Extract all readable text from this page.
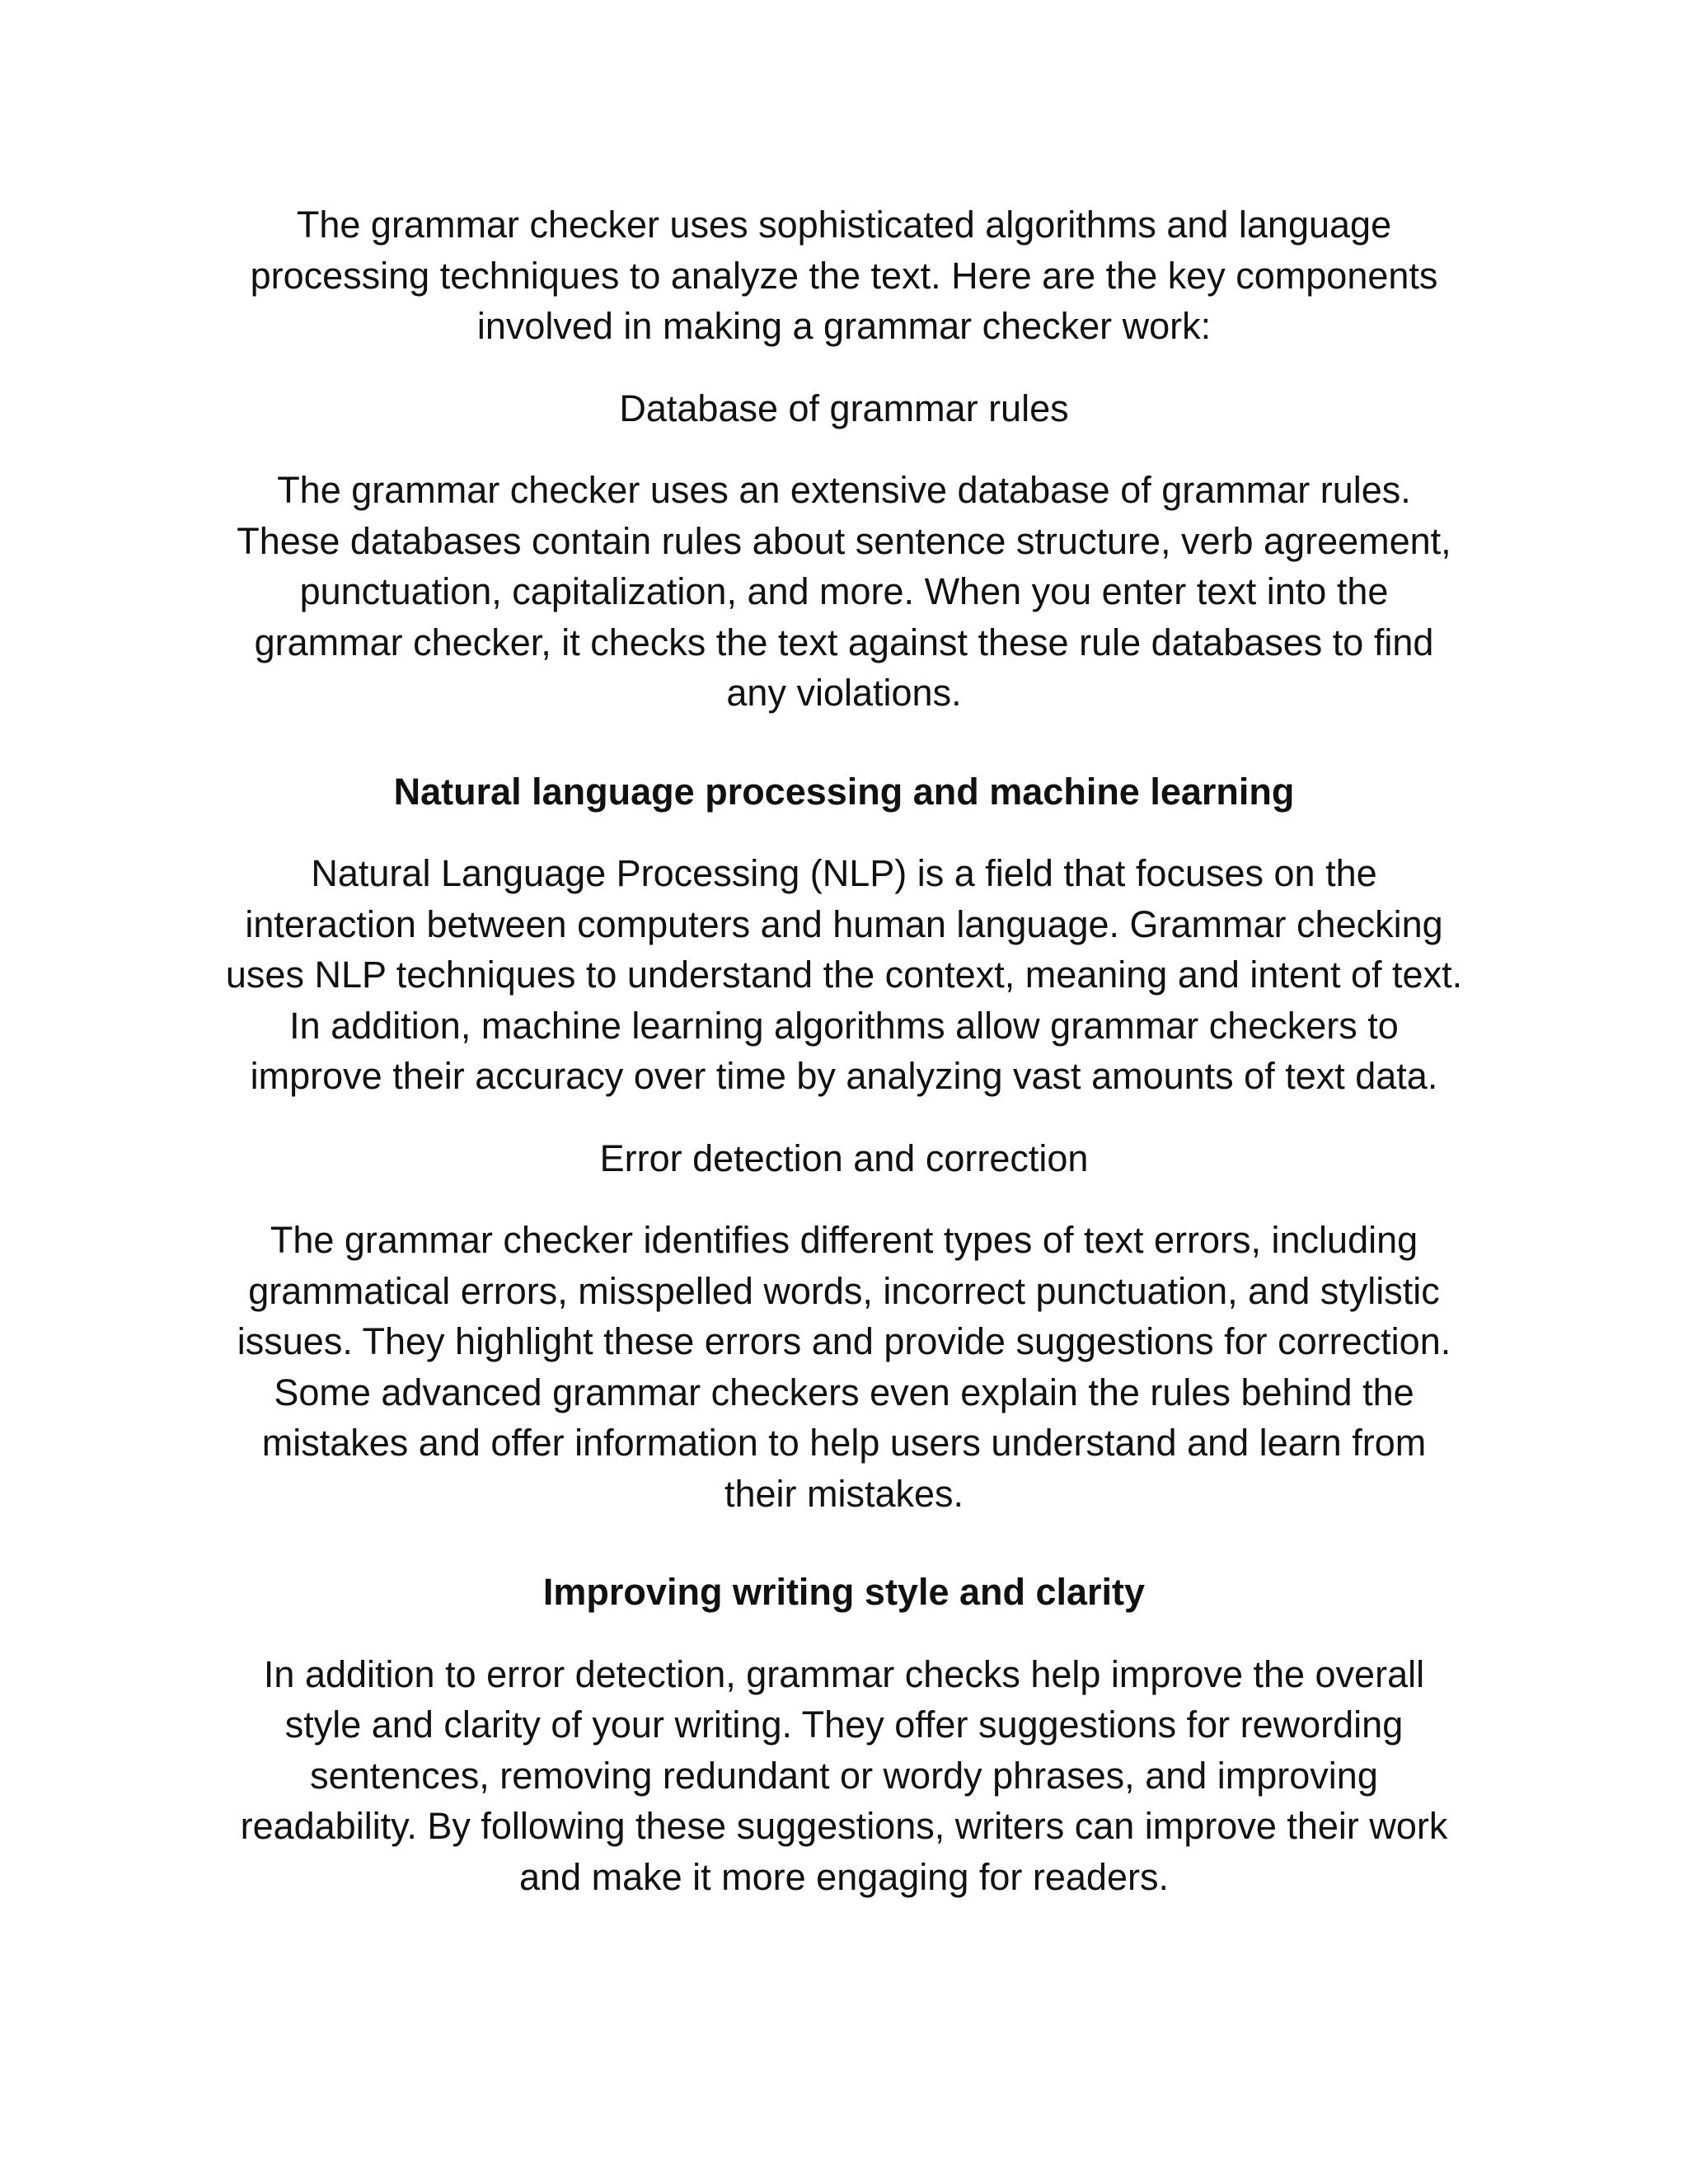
The grammar checker uses sophisticated algorithms and language
processing techniques to analyze the text. Here are the key components
involved in making a grammar checker work:

Database of grammar rules

The grammar checker uses an extensive database of grammar rules.
These databases contain rules about sentence structure, verb agreement,
punctuation, capitalization, and more. When you enter text into the
grammar checker, it checks the text against these rule databases to find
any violations.

Natural language processing and machine learning

Natural Language Processing (NLP) is a field that focuses on the
interaction between computers and human language. Grammar checking
uses NLP techniques to understand the context, meaning and intent of text.
In addition, machine learning algorithms allow grammar checkers to
improve their accuracy over time by analyzing vast amounts of text data.

Error detection and correction

The grammar checker identifies different types of text errors, including
grammatical errors, misspelled words, incorrect punctuation, and stylistic
issues. They highlight these errors and provide suggestions for correction.
Some advanced grammar checkers even explain the rules behind the
mistakes and offer information to help users understand and learn from
their mistakes.

Improving writing style and clarity

In addition to error detection, grammar checks help improve the overall
style and clarity of your writing. They offer suggestions for rewording
sentences, removing redundant or wordy phrases, and improving
readability. By following these suggestions, writers can improve their work
and make it more engaging for readers.
